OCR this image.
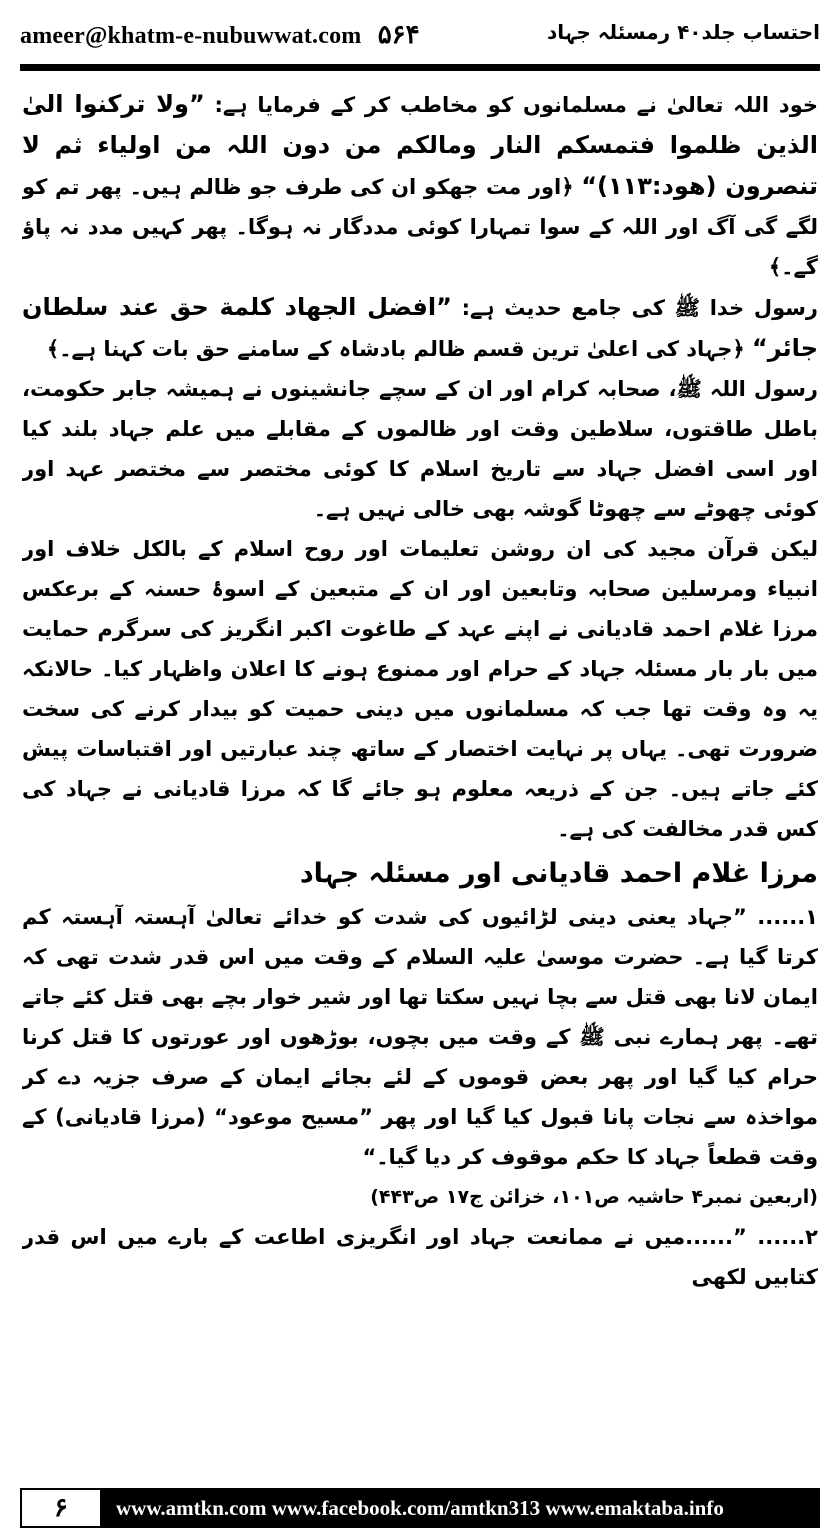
ameer@khatm-e-nubuwwat.com ۵۶۴	احتساب جلد۴۰ رمسئلہ جہاد

خود اللہ تعالیٰ نے مسلمانوں کو مخاطب کر کے فرمایا ہے: ”ولا ترکنوا الیٰ الذین ظلموا فتمسکم النار ومالکم من دون اللہ من اولیاء ثم لا تنصرون (ھود:۱۱۳)“ ﴿اور مت جھکو ان کی طرف جو ظالم ہیں۔ پھر تم کو لگے گی آگ اور اللہ کے سوا تمہارا کوئی مددگار نہ ہوگا۔ پھر کہیں مدد نہ پاؤ گے۔﴾

رسول خدا ﷺ کی جامع حدیث ہے: ”افضل الجهاد كلمة حق عند سلطان جائر“ ﴿جہاد کی اعلیٰ ترین قسم ظالم بادشاہ کے سامنے حق بات کہنا ہے۔﴾

رسول اللہ ﷺ، صحابہ کرام اور ان کے سچے جانشینوں نے ہمیشہ جابر حکومت، باطل طاقتوں، سلاطین وقت اور ظالموں کے مقابلے میں علم جہاد بلند کیا اور اسی افضل جہاد سے تاریخ اسلام کا کوئی مختصر سے مختصر عہد اور کوئی چھوٹے سے چھوٹا گوشہ بھی خالی نہیں ہے۔

لیکن قرآن مجید کی ان روشن تعلیمات اور روح اسلام کے بالکل خلاف اور انبیاء ومرسلین صحابہ وتابعین اور ان کے متبعین کے اسوۂ حسنہ کے برعکس مرزا غلام احمد قادیانی نے اپنے عہد کے طاغوت اکبر انگریز کی سرگرم حمایت میں بار بار مسئلہ جہاد کے حرام اور ممنوع ہونے کا اعلان واظہار کیا۔ حالانکہ یہ وہ وقت تھا جب کہ مسلمانوں میں دینی حمیت کو بیدار کرنے کی سخت ضرورت تھی۔ یہاں پر نہایت اختصار کے ساتھ چند عبارتیں اور اقتباسات پیش کئے جاتے ہیں۔ جن کے ذریعہ معلوم ہو جائے گا کہ مرزا قادیانی نے جہاد کی کس قدر مخالفت کی ہے۔

مرزا غلام احمد قادیانی اور مسئلہ جہاد

۱...... ”جہاد یعنی دینی لڑائیوں کی شدت کو خدائے تعالیٰ آہستہ آہستہ کم کرتا گیا ہے۔ حضرت موسیٰ علیہ السلام کے وقت میں اس قدر شدت تھی کہ ایمان لانا بھی قتل سے بچا نہیں سکتا تھا اور شیر خوار بچے بھی قتل کئے جاتے تھے۔ پھر ہمارے نبی ﷺ کے وقت میں بچوں، بوڑھوں اور عورتوں کا قتل کرنا حرام کیا گیا اور پھر بعض قوموں کے لئے بجائے ایمان کے صرف جزیہ دے کر مواخذہ سے نجات پانا قبول کیا گیا اور پھر ”مسیح موعود“ (مرزا قادیانی) کے وقت قطعاً جہاد کا حکم موقوف کر دیا گیا۔“

(اربعین نمبر۴ حاشیہ ص۱۰۱، خزائن ج۱۷ ص۴۴۳)

۲...... ”......میں نے ممانعت جہاد اور انگریزی اطاعت کے بارے میں اس قدر کتابیں لکھی

۶	www.amtkn.com www.facebook.com/amtkn313 www.emaktaba.info
